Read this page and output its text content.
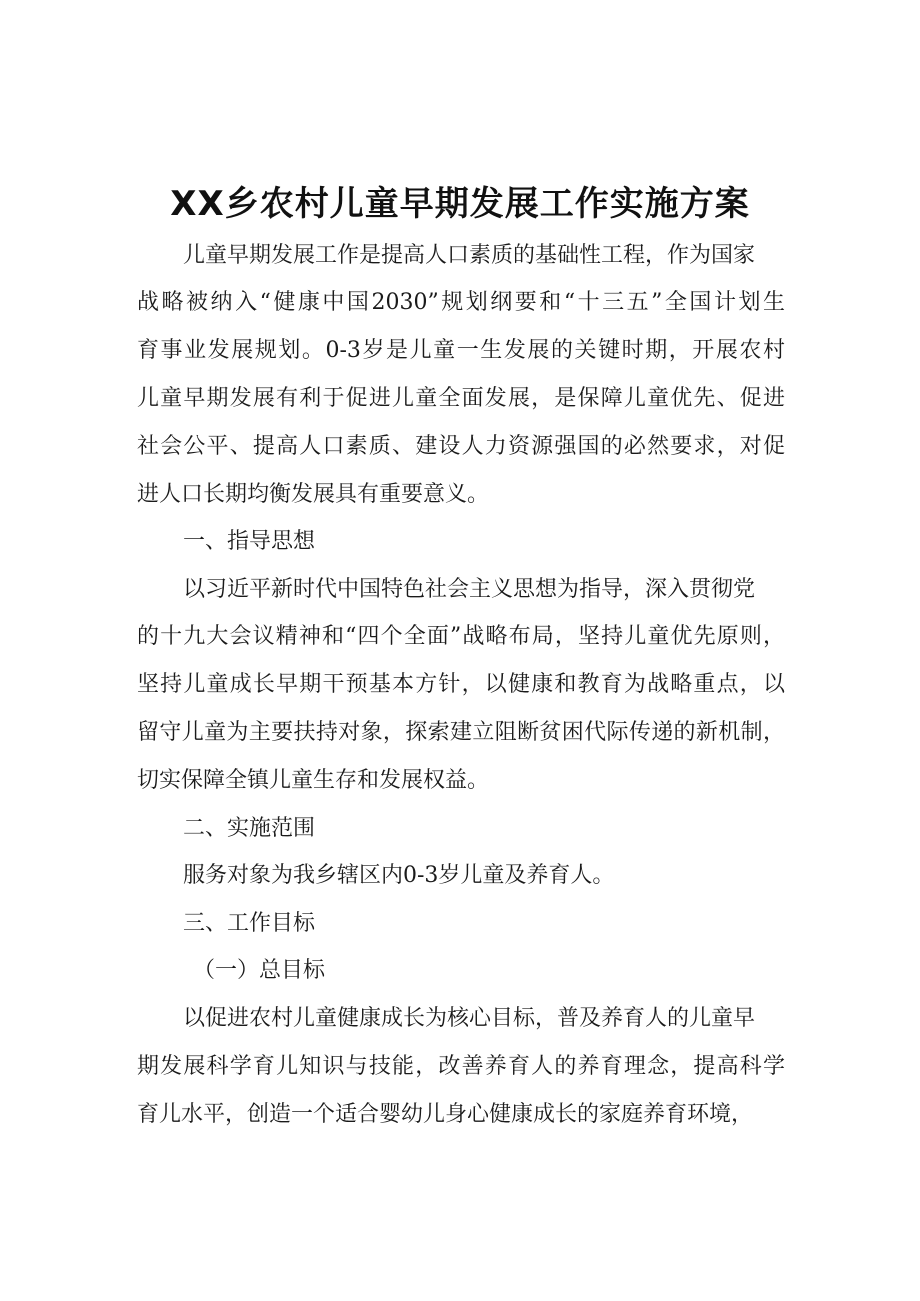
XX乡农村儿童早期发展工作实施方案
儿童早期发展工作是提高人口素质的基础性工程，作为国家
战略被纳入“健康中国2030”规划纲要和“十三五”全国计划生
育事业发展规划。0-3岁是儿童一生发展的关键时期，开展农村
儿童早期发展有利于促进儿童全面发展，是保障儿童优先、促进
社会公平、提高人口素质、建设人力资源强国的必然要求，对促
进人口长期均衡发展具有重要意义。
一、指导思想
以习近平新时代中国特色社会主义思想为指导，深入贯彻党
的十九大会议精神和“四个全面”战略布局，坚持儿童优先原则，
坚持儿童成长早期干预基本方针，以健康和教育为战略重点，以
留守儿童为主要扶持对象，探索建立阻断贫困代际传递的新机制，
切实保障全镇儿童生存和发展权益。
二、实施范围
服务对象为我乡辖区内0-3岁儿童及养育人。
三、工作目标
（一）总目标
以促进农村儿童健康成长为核心目标，普及养育人的儿童早
期发展科学育儿知识与技能，改善养育人的养育理念，提高科学
育儿水平，创造一个适合婴幼儿身心健康成长的家庭养育环境，
